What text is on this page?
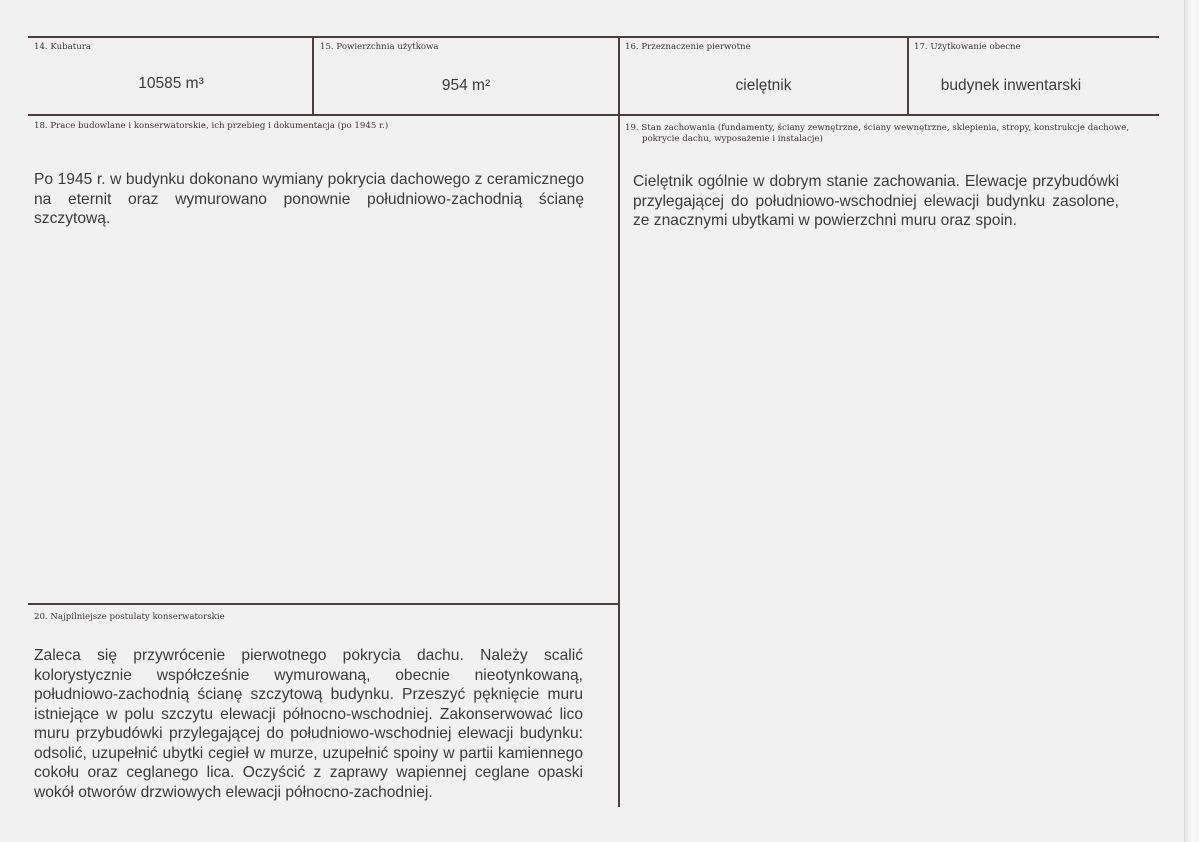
14. Kubatura
10585 m³
15. Powierzchnia użytkowa
954 m²
16. Przeznaczenie pierwotne
cielętnik
17. Użytkowanie obecne
budynek inwentarski
18. Prace budowlane i konserwatorskie, ich przebieg i dokumentacja (po 1945 r.)

Po 1945 r. w budynku dokonano wymiany pokrycia dachowego z ceramicznego na eternit oraz wymurowano ponownie południowo-zachodnią ścianę szczytową.

19. Stan zachowania (fundamenty, ściany zewnętrzne, ściany wewnętrzne, sklepienia, stropy, konstrukcje dachowe,
pokrycie dachu, wyposażenie i instalacje)

Cielętnik ogólnie w dobrym stanie zachowania. Elewacje przybudówki przylegającej do południowo-wschodniej elewacji budynku zasolone, ze znacznymi ubytkami w powierzchni muru oraz spoin.

20. Najpilniejsze postulaty konserwatorskie

Zaleca się przywrócenie pierwotnego pokrycia dachu. Należy scalić kolorystycznie współcześnie wymurowaną, obecnie nieotynkowaną, południowo-zachodnią ścianę szczytową budynku. Przeszyć pęknięcie muru istniejące w polu szczytu elewacji północno-wschodniej. Zakonserwować lico muru przybudówki przylegającej do południowo-wschodniej elewacji budynku: odsolić, uzupełnić ubytki cegieł w murze, uzupełnić spoiny w partii kamiennego cokołu oraz ceglanego lica. Oczyścić z zaprawy wapiennej ceglane opaski wokół otworów drzwiowych elewacji północno-zachodniej.
